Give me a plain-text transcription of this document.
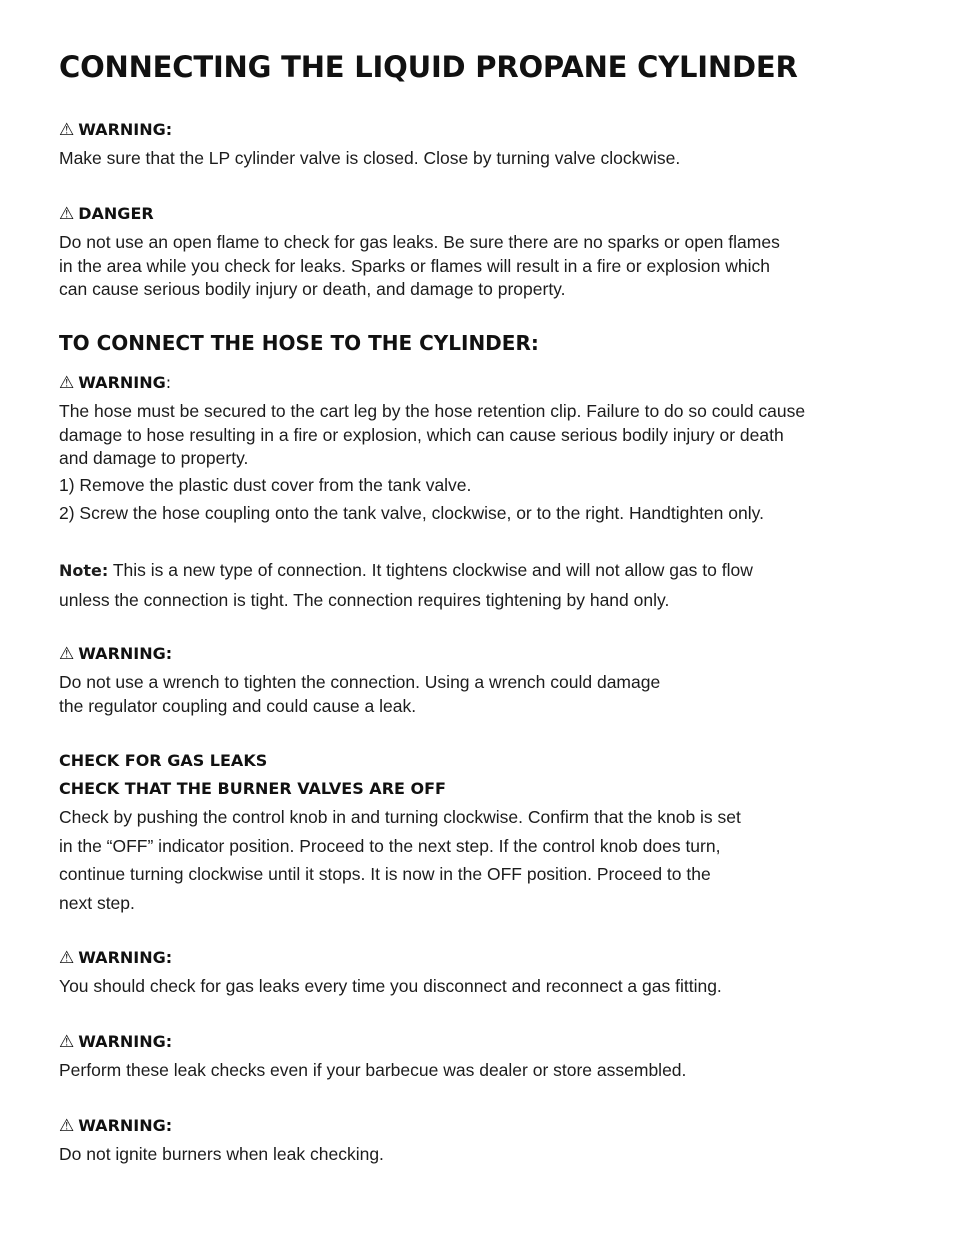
CONNECTING THE LIQUID PROPANE CYLINDER
⚠ WARNING:
Make sure that the LP cylinder valve is closed. Close by turning valve clockwise.
⚠ DANGER
Do not use an open flame to check for gas leaks. Be sure there are no sparks or open flames
in the area while you check for leaks. Sparks or flames will result in a fire or explosion which
can cause serious bodily injury or death, and damage to property.
TO CONNECT THE HOSE TO THE CYLINDER:
⚠ WARNING:
The hose must be secured to the cart leg by the hose retention clip. Failure to do so could cause
damage to hose resulting in a fire or explosion, which can cause serious bodily injury or death
and damage to property.
1) Remove the plastic dust cover from the tank valve.
2) Screw the hose coupling onto the tank valve, clockwise, or to the right. Handtighten only.
Note: This is a new type of connection. It tightens clockwise and will not allow gas to flow
unless the connection is tight. The connection requires tightening by hand only.
⚠ WARNING:
Do not use a wrench to tighten the connection. Using a wrench could damage
the regulator coupling and could cause a leak.
CHECK FOR GAS LEAKS
CHECK THAT THE BURNER VALVES ARE OFF
Check by pushing the control knob in and turning clockwise. Confirm that the knob is set
in the “OFF” indicator position. Proceed to the next step. If the control knob does turn,
continue turning clockwise until it stops. It is now in the OFF position. Proceed to the
next step.
⚠ WARNING:
You should check for gas leaks every time you disconnect and reconnect a gas fitting.
⚠ WARNING:
Perform these leak checks even if your barbecue was dealer or store assembled.
⚠ WARNING:
Do not ignite burners when leak checking.
